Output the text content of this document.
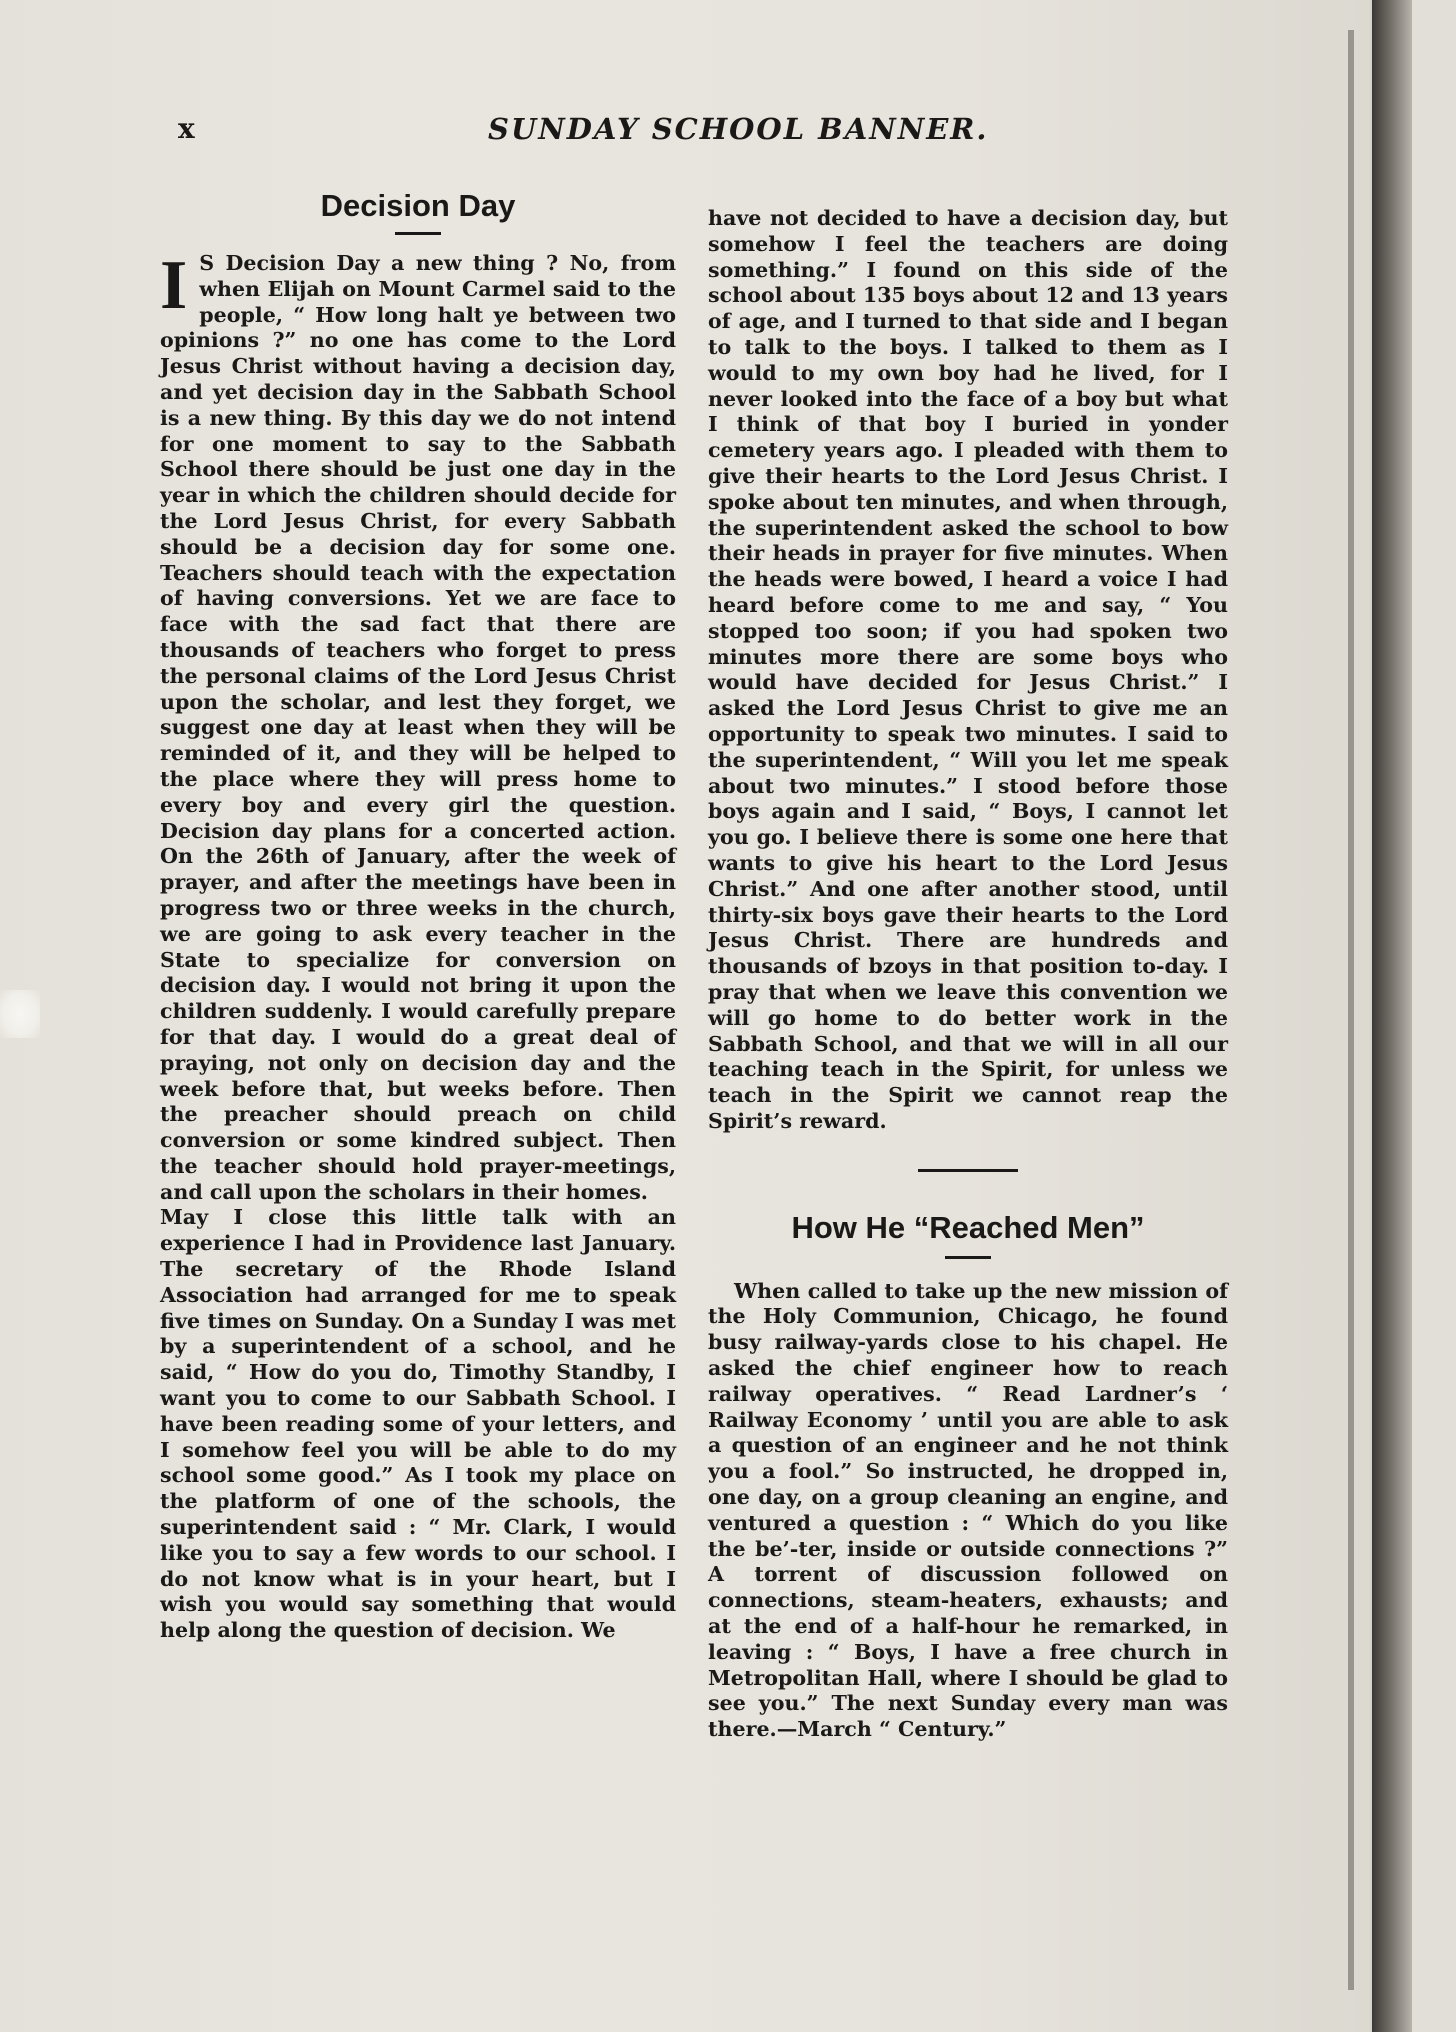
x	SUNDAY SCHOOL BANNER.
Decision Day
I S Decision Day a new thing ? No, from when Elijah on Mount Carmel said to the people, “ How long halt ye between two opinions ?” no one has come to the Lord Jesus Christ without having a decision day, and yet decision day in the Sabbath School is a new thing. By this day we do not intend for one moment to say to the Sabbath School there should be just one day in the year in which the children should decide for the Lord Jesus Christ, for every Sabbath should be a decision day for some one. Teachers should teach with the expectation of having conversions. Yet we are face to face with the sad fact that there are thousands of teachers who forget to press the personal claims of the Lord Jesus Christ upon the scholar, and lest they forget, we suggest one day at least when they will be reminded of it, and they will be helped to the place where they will press home to every boy and every girl the question. Decision day plans for a concerted action. On the 26th of January, after the week of prayer, and after the meetings have been in progress two or three weeks in the church, we are going to ask every teacher in the State to specialize for conversion on decision day. I would not bring it upon the children suddenly. I would carefully prepare for that day. I would do a great deal of praying, not only on decision day and the week before that, but weeks before. Then the preacher should preach on child conversion or some kindred subject. Then the teacher should hold prayer-meetings, and call upon the scholars in their homes.

May I close this little talk with an experience I had in Providence last January. The secretary of the Rhode Island Association had arranged for me to speak five times on Sunday. On a Sunday I was met by a superintendent of a school, and he said, “ How do you do, Timothy Standby, I want you to come to our Sabbath School. I have been reading some of your letters, and I somehow feel you will be able to do my school some good.” As I took my place on the platform of one of the schools, the superintendent said : “ Mr. Clark, I would like you to say a few words to our school. I do not know what is in your heart, but I wish you would say something that would help along the question of decision. We

have not decided to have a decision day, but somehow I feel the teachers are doing something.” I found on this side of the school about 135 boys about 12 and 13 years of age, and I turned to that side and I began to talk to the boys. I talked to them as I would to my own boy had he lived, for I never looked into the face of a boy but what I think of that boy I buried in yonder cemetery years ago. I pleaded with them to give their hearts to the Lord Jesus Christ. I spoke about ten minutes, and when through, the superintendent asked the school to bow their heads in prayer for five minutes. When the heads were bowed, I heard a voice I had heard before come to me and say, “ You stopped too soon; if you had spoken two minutes more there are some boys who would have decided for Jesus Christ.” I asked the Lord Jesus Christ to give me an opportunity to speak two minutes. I said to the superintendent, “ Will you let me speak about two minutes.” I stood before those boys again and I said, “ Boys, I cannot let you go. I believe there is some one here that wants to give his heart to the Lord Jesus Christ.” And one after another stood, until thirty-six boys gave their hearts to the Lord Jesus Christ. There are hundreds and thousands of bzoys in that position to-day. I pray that when we leave this convention we will go home to do better work in the Sabbath School, and that we will in all our teaching teach in the Spirit, for unless we teach in the Spirit we cannot reap the Spirit’s reward.

How He “Reached Men”

When called to take up the new mission of the Holy Communion, Chicago, he found busy railway-yards close to his chapel. He asked the chief engineer how to reach railway operatives. “ Read Lardner’s ‘ Railway Economy ’ until you are able to ask a question of an engineer and he not think you a fool.” So instructed, he dropped in, one day, on a group cleaning an engine, and ventured a question : “ Which do you like the be’-ter, inside or outside connections ?” A torrent of discussion followed on connections, steam-heaters, exhausts; and at the end of a half-hour he remarked, in leaving : “ Boys, I have a free church in Metropolitan Hall, where I should be glad to see you.” The next Sunday every man was there.—March “ Century.”
